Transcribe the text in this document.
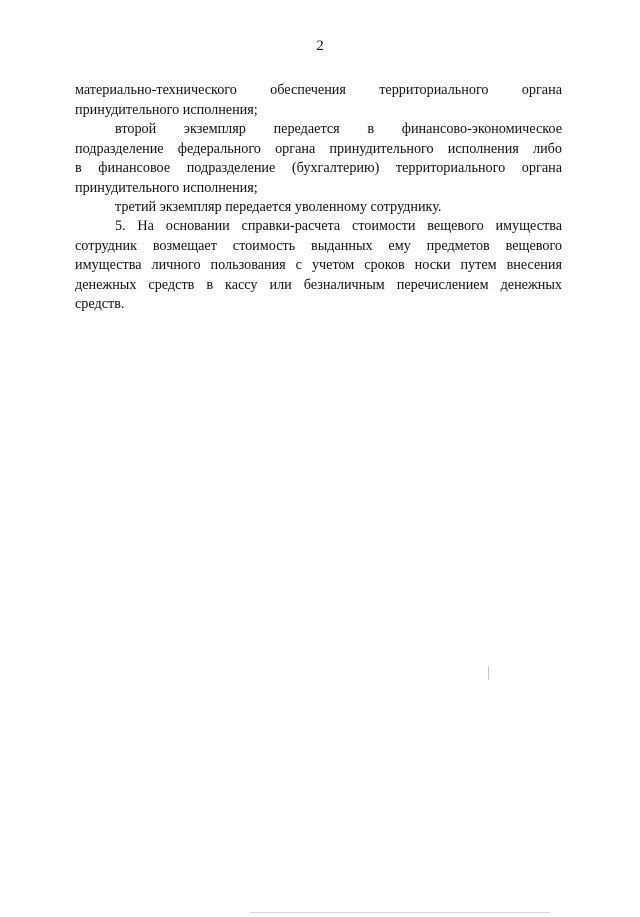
2
материально-технического обеспечения территориального органа
принудительного исполнения;
второй экземпляр передается в финансово-экономическое
подразделение федерального органа принудительного исполнения либо
в финансовое подразделение (бухгалтерию) территориального органа
принудительного исполнения;
третий экземпляр передается уволенному сотруднику.
5. На основании справки-расчета стоимости вещевого имущества
сотрудник возмещает стоимость выданных ему предметов вещевого
имущества личного пользования с учетом сроков носки путем внесения
денежных средств в кассу или безналичным перечислением денежных
средств.
